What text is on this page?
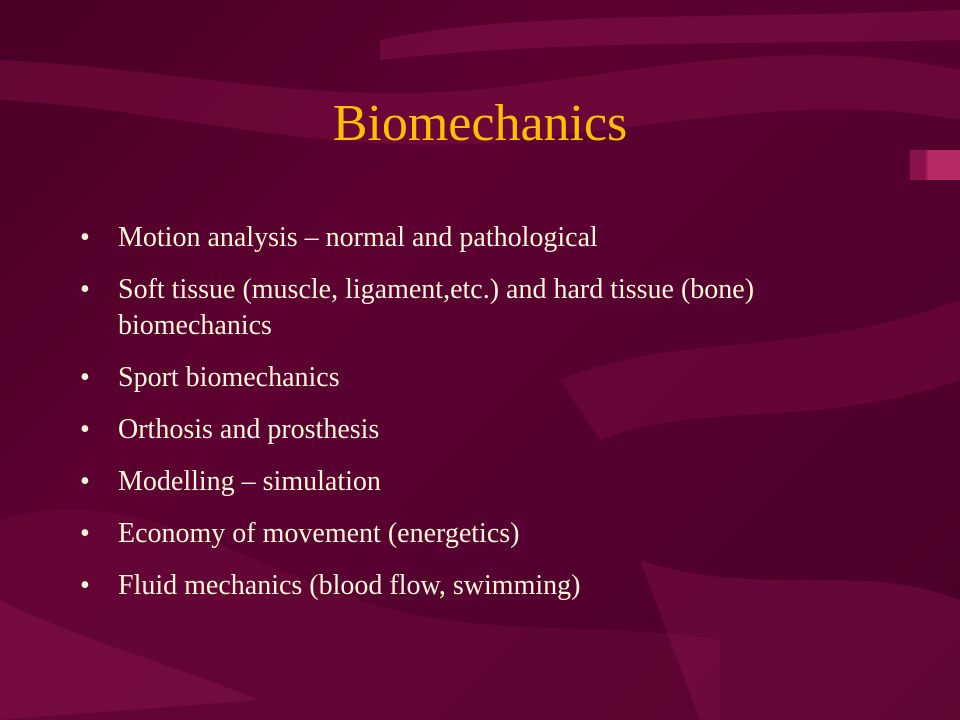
Biomechanics
•	Motion analysis – normal and pathological
•	Soft tissue (muscle, ligament,etc.) and hard tissue (bone) biomechanics
•	Sport biomechanics
•	Orthosis and prosthesis
•	Modelling – simulation
•	Economy of movement (energetics)
•	Fluid mechanics (blood flow, swimming)
